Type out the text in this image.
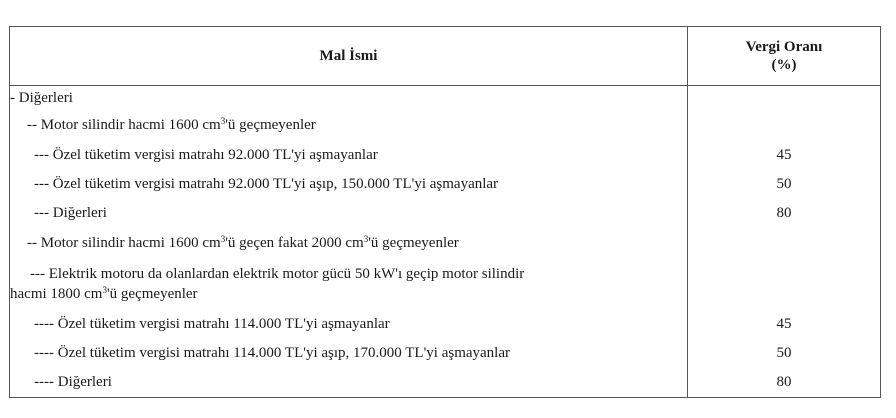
Mal İsmi	Vergi Oranı
(%)
- Diğerleri	
-- Motor silindir hacmi 1600 $cm^3'ü$ geçmeyenler	
--- Özel tüketim vergisi matrahı 92.000 TL'yi aşmayanlar	45
--- Özel tüketim vergisi matrahı 92.000 TL'yi aşıp, 150.000 TL'yi aşmayanlar	50
--- Diğerleri	80
-- Motor silindir hacmi 1600 $cm^3'ü$ geçen fakat 2000 $cm^3'ü$ geçmeyenler	
--- Elektrik motoru da olanlardan elektrik motor gücü 50 kW'ı geçip motor silindir
hacmi 1800 $cm^3'ü$ geçmeyenler	
---- Özel tüketim vergisi matrahı 114.000 TL'yi aşmayanlar	45
---- Özel tüketim vergisi matrahı 114.000 TL'yi aşıp, 170.000 TL'yi aşmayanlar	50
---- Diğerleri	80
